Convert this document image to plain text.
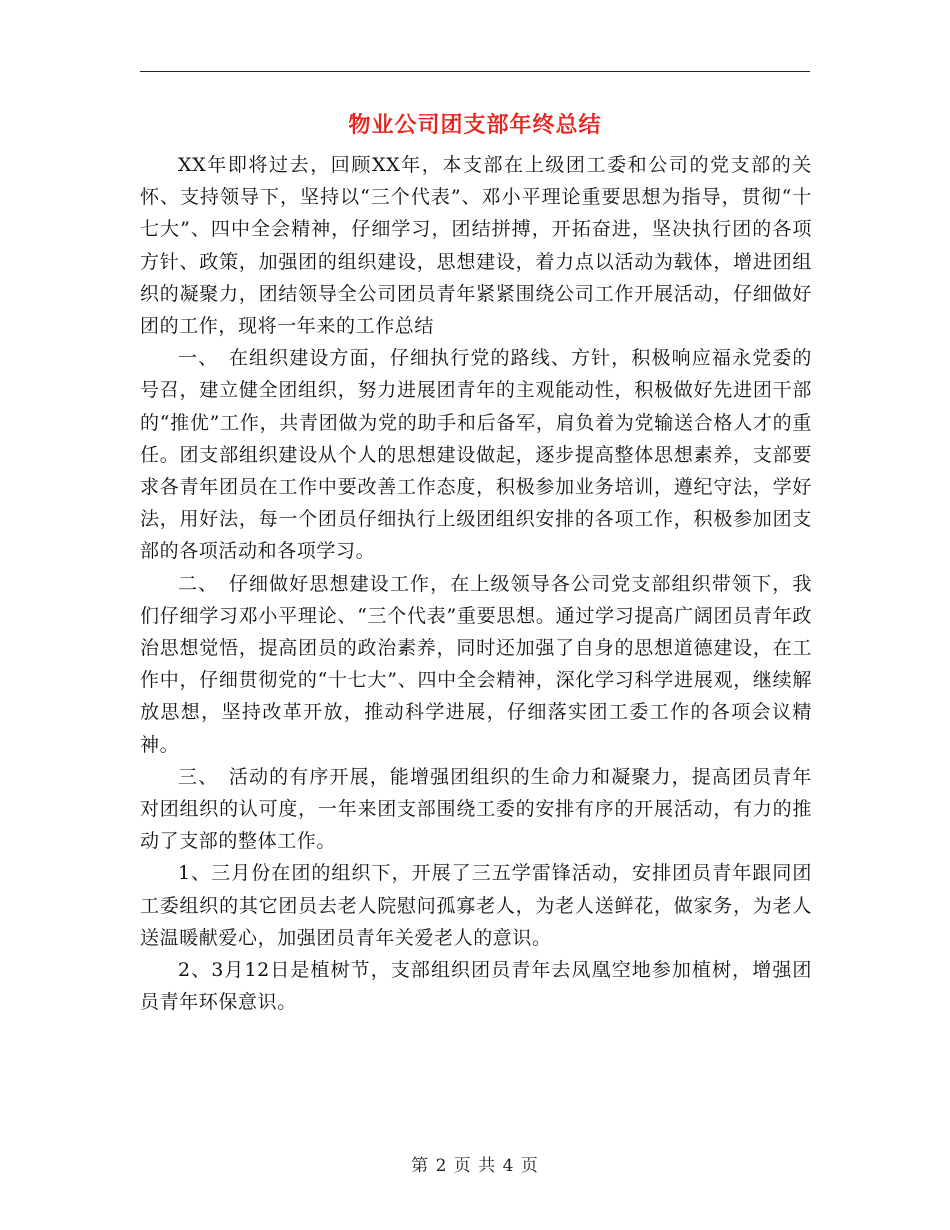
物业公司团支部年终总结

XX年即将过去，回顾XX年，本支部在上级团工委和公司的党支部的关怀、支持领导下，坚持以“三个代表”、邓小平理论重要思想为指导，贯彻“十七大”、四中全会精神，仔细学习，团结拼搏，开拓奋进，坚决执行团的各项方针、政策，加强团的组织建设，思想建设，着力点以活动为载体，增进团组织的凝聚力，团结领导全公司团员青年紧紧围绕公司工作开展活动，仔细做好团的工作，现将一年来的工作总结

一、　在组织建设方面，仔细执行党的路线、方针，积极响应福永党委的号召，建立健全团组织，努力进展团青年的主观能动性，积极做好先进团干部的“推优”工作，共青团做为党的助手和后备军，肩负着为党输送合格人才的重任。团支部组织建设从个人的思想建设做起，逐步提高整体思想素养，支部要求各青年团员在工作中要改善工作态度，积极参加业务培训，遵纪守法，学好法，用好法，每一个团员仔细执行上级团组织安排的各项工作，积极参加团支部的各项活动和各项学习。

二、　仔细做好思想建设工作，在上级领导各公司党支部组织带领下，我们仔细学习邓小平理论、“三个代表”重要思想。通过学习提高广阔团员青年政治思想觉悟，提高团员的政治素养，同时还加强了自身的思想道德建设，在工作中，仔细贯彻党的“十七大”、四中全会精神，深化学习科学进展观，继续解放思想，坚持改革开放，推动科学进展，仔细落实团工委工作的各项会议精神。

三、　活动的有序开展，能增强团组织的生命力和凝聚力，提高团员青年对团组织的认可度，一年来团支部围绕工委的安排有序的开展活动，有力的推动了支部的整体工作。

1、三月份在团的组织下，开展了三五学雷锋活动，安排团员青年跟同团工委组织的其它团员去老人院慰问孤寡老人，为老人送鲜花，做家务，为老人送温暖献爱心，加强团员青年关爱老人的意识。

2、3月12日是植树节，支部组织团员青年去凤凰空地参加植树，增强团员青年环保意识。

第 2 页 共 4 页
